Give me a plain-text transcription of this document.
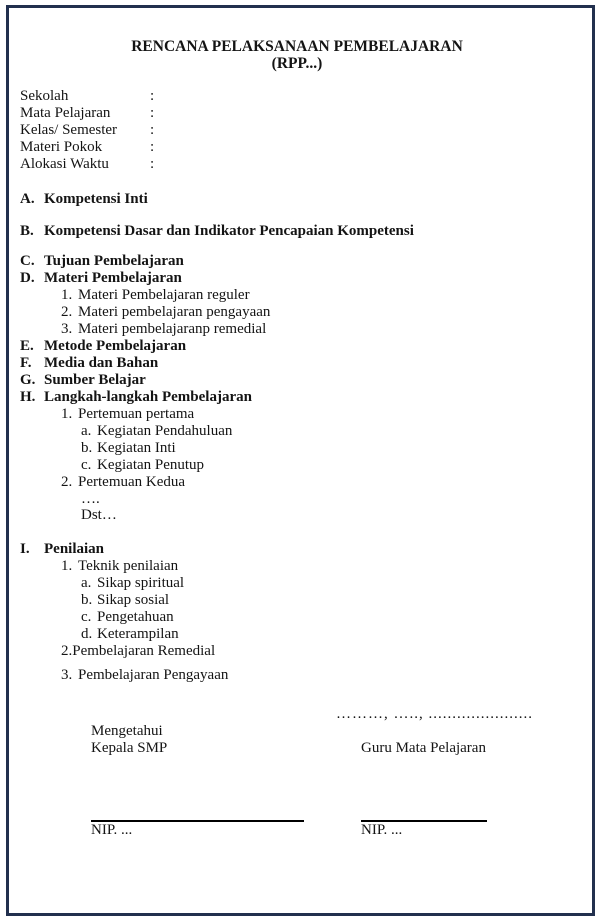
RENCANA PELAKSANAAN PEMBELAJARAN
(RPP...)
Sekolah	:
Mata Pelajaran	:
Kelas/ Semester	:
Materi Pokok	:
Alokasi Waktu	:
A. Kompetensi Inti
B. Kompetensi Dasar dan Indikator Pencapaian Kompetensi
C. Tujuan Pembelajaran
D. Materi Pembelajaran
1. Materi Pembelajaran reguler
2. Materi pembelajaran pengayaan
3. Materi pembelajaranp remedial
E. Metode Pembelajaran
F. Media dan Bahan
G. Sumber Belajar
H. Langkah-langkah Pembelajaran
1. Pertemuan pertama
a. Kegiatan Pendahuluan
b. Kegiatan Inti
c. Kegiatan Penutup
2. Pertemuan Kedua
….
Dst…
I. Penilaian
1. Teknik penilaian
a. Sikap spiritual
b. Sikap sosial
c. Pengetahuan
d. Keterampilan
2. Pembelajaran Remedial
3. Pembelajaran Pengayaan
………, ….., ......................
Mengetahui
Kepala SMP	Guru Mata Pelajaran
NIP. ...	NIP. ...
